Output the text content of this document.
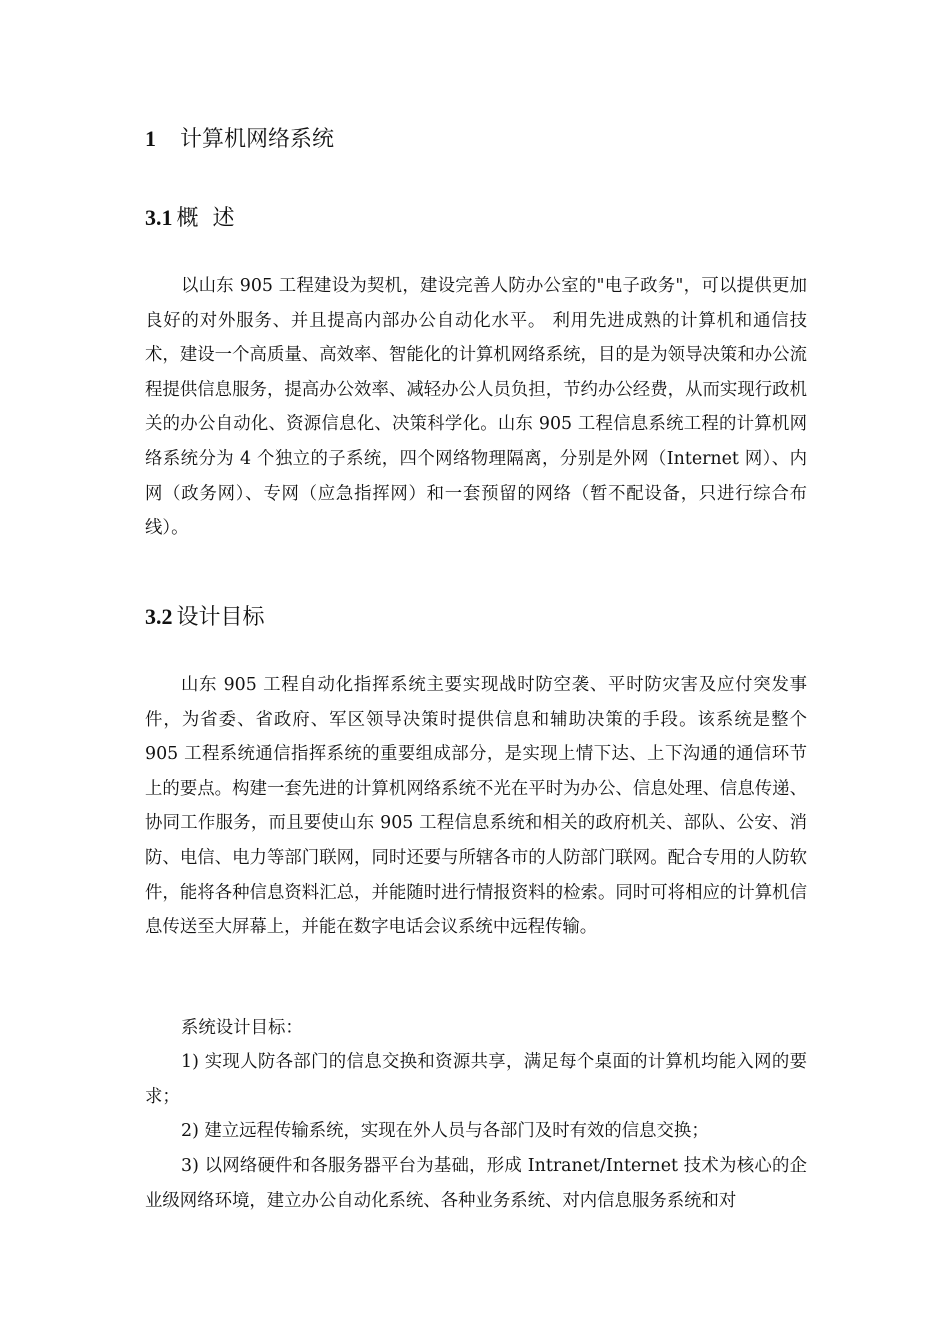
1 计算机网络系统
3.1 概  述

以山东 905 工程建设为契机，建设完善人防办公室的"电子政务"，可以提供更加良好的对外服务、并且提高内部办公自动化水平。 利用先进成熟的计算机和通信技术，建设一个高质量、高效率、智能化的计算机网络系统，目的是为领导决策和办公流程提供信息服务，提高办公效率、减轻办公人员负担，节约办公经费，从而实现行政机关的办公自动化、资源信息化、决策科学化。山东 905 工程信息系统工程的计算机网络系统分为 4 个独立的子系统，四个网络物理隔离，分别是外网（Internet 网）、内网（政务网）、专网（应急指挥网）和一套预留的网络（暂不配设备，只进行综合布线）。

3.2 设计目标

山东 905 工程自动化指挥系统主要实现战时防空袭、平时防灾害及应付突发事件，为省委、省政府、军区领导决策时提供信息和辅助决策的手段。该系统是整个 905 工程系统通信指挥系统的重要组成部分，是实现上情下达、上下沟通的通信环节上的要点。构建一套先进的计算机网络系统不光在平时为办公、信息处理、信息传递、协同工作服务，而且要使山东 905 工程信息系统和相关的政府机关、部队、公安、消防、电信、电力等部门联网，同时还要与所辖各市的人防部门联网。配合专用的人防软件，能将各种信息资料汇总，并能随时进行情报资料的检索。同时可将相应的计算机信息传送至大屏幕上，并能在数字电话会议系统中远程传输。

系统设计目标：

1) 实现人防各部门的信息交换和资源共享，满足每个桌面的计算机均能入网的要求；

2) 建立远程传输系统，实现在外人员与各部门及时有效的信息交换；

3) 以网络硬件和各服务器平台为基础，形成 Intranet/Internet 技术为核心的企业级网络环境，建立办公自动化系统、各种业务系统、对内信息服务系统和对
